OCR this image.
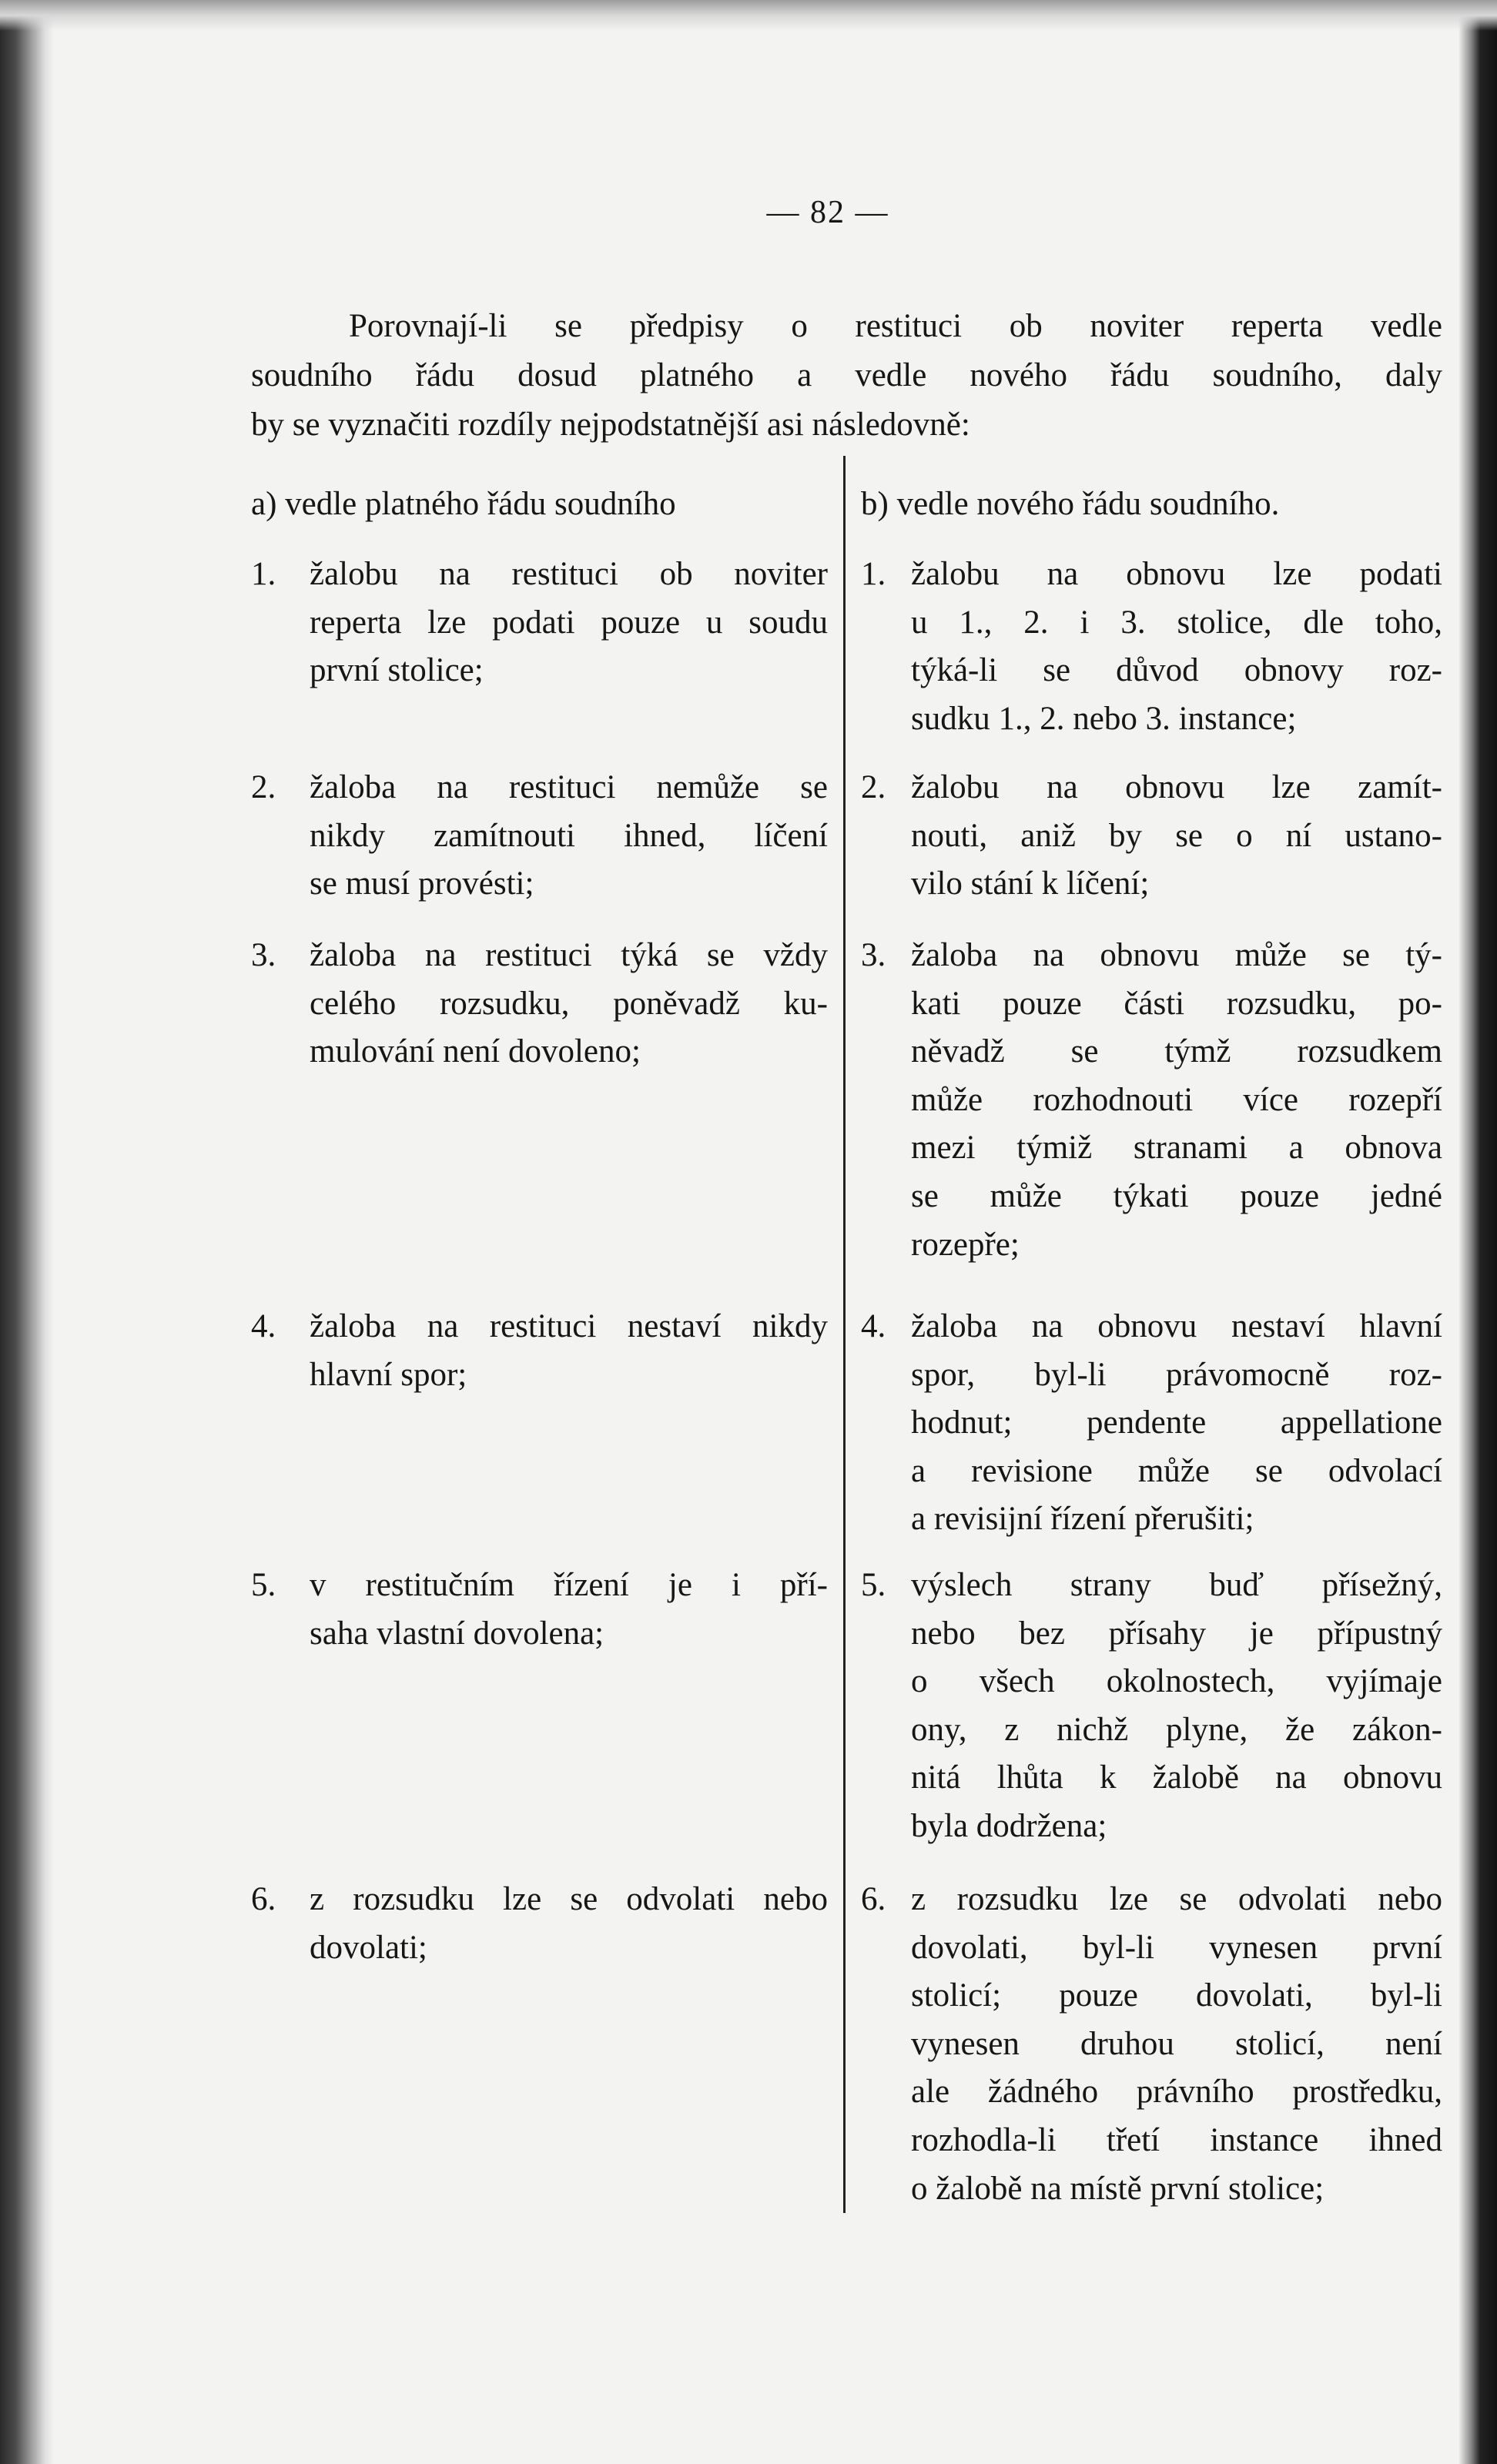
— 82 —
Porovnají-li se předpisy o restituci ob noviter reperta vedle
soudního řádu dosud platného a vedle nového řádu soudního, daly
by se vyznačiti rozdíly nejpodstatnější asi následovně:
a) vedle platného řádu soudního	b) vedle nového řádu soudního.
1. žalobu na restituci ob noviter
reperta lze podati pouze u soudu
první stolice;
2. žaloba na restituci nemůže se
nikdy zamítnouti ihned, líčení
se musí provésti;
3. žaloba na restituci týká se vždy
celého rozsudku, poněvadž ku-
mulování není dovoleno;
4. žaloba na restituci nestaví nikdy
hlavní spor;
5. v restitučním řízení je i pří-
saha vlastní dovolena;
6. z rozsudku lze se odvolati nebo
dovolati;
1. žalobu na obnovu lze podati
u 1., 2. i 3. stolice, dle toho,
týká-li se důvod obnovy roz-
sudku 1., 2. nebo 3. instance;
2. žalobu na obnovu lze zamít-
nouti, aniž by se o ní ustano-
vilo stání k líčení;
3. žaloba na obnovu může se tý-
kati pouze části rozsudku, po-
něvadž se týmž rozsudkem
může rozhodnouti více rozepří
mezi týmiž stranami a obnova
se může týkati pouze jedné
rozepře;
4. žaloba na obnovu nestaví hlavní
spor, byl-li právomocně roz-
hodnut; pendente appellatione
a revisione může se odvolací
a revisijní řízení přerušiti;
5. výslech strany buď přísežný,
nebo bez přísahy je přípustný
o všech okolnostech, vyjímaje
ony, z nichž plyne, že zákon-
nitá lhůta k žalobě na obnovu
byla dodržena;
6. z rozsudku lze se odvolati nebo
dovolati, byl-li vynesen první
stolicí; pouze dovolati, byl-li
vynesen druhou stolicí, není
ale žádného právního prostředku,
rozhodla-li třetí instance ihned
o žalobě na místě první stolice;
